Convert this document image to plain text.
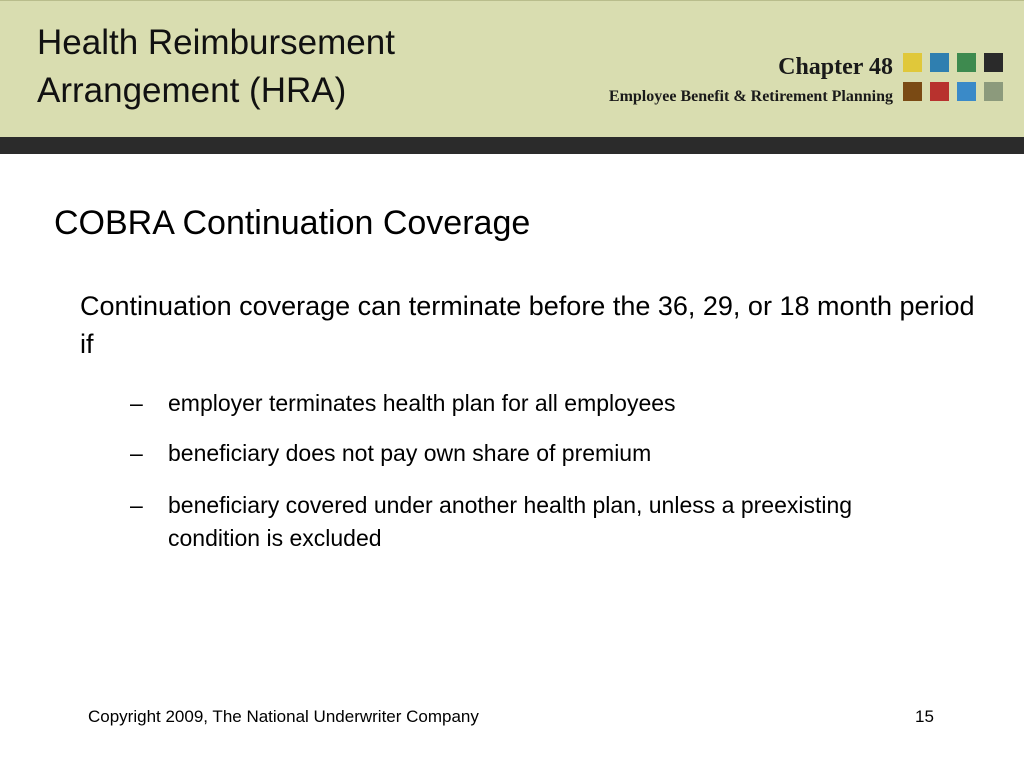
Health Reimbursement
Arrangement (HRA)
Chapter 48
Employee Benefit & Retirement Planning
COBRA Continuation Coverage
Continuation coverage can terminate before the 36, 29, or 18 month period if
– employer terminates health plan for all employees
– beneficiary does not pay own share of premium
– beneficiary covered under another health plan, unless a preexisting condition is excluded
Copyright 2009, The National Underwriter Company	15
